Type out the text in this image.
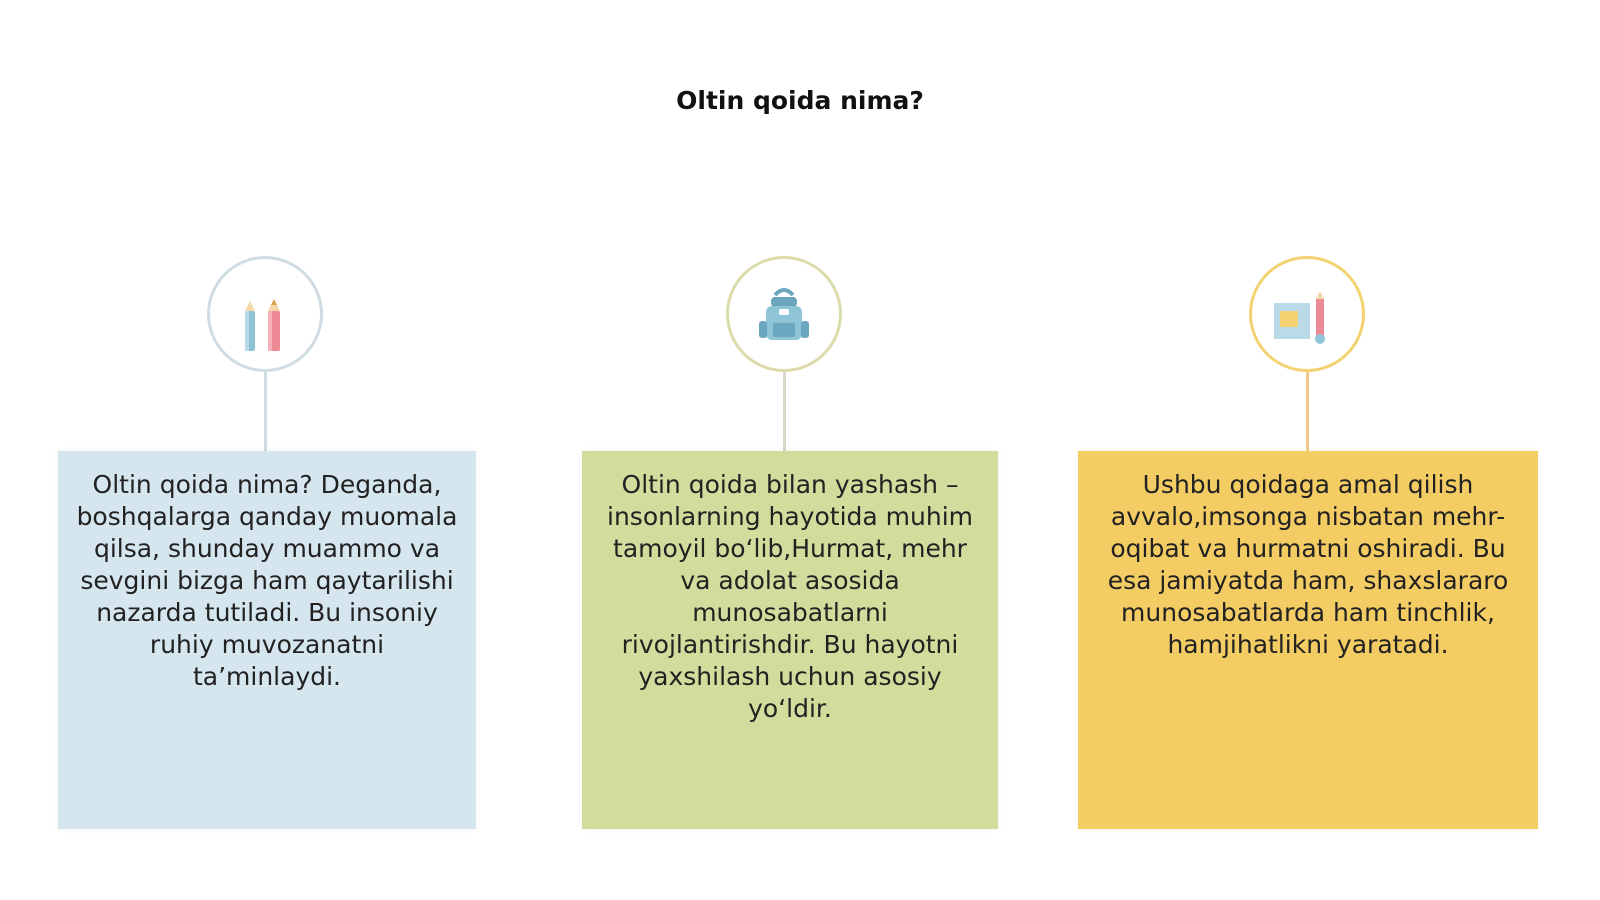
Oltin qoida nima?
Oltin qoida nima? Deganda, boshqalarga qanday muomala qilsa, shunday muammo va sevgini bizga ham qaytarilishi nazarda tutiladi. Bu insoniy ruhiy muvozanatni ta’minlaydi.
Oltin qoida bilan yashash – insonlarning hayotida muhim tamoyil bo‘lib,Hurmat, mehr va adolat asosida munosabatlarni rivojlantirishdir. Bu hayotni yaxshilash uchun asosiy yo‘ldir.
Ushbu qoidaga amal qilish avvalo,imsonga nisbatan mehr-oqibat va hurmatni oshiradi. Bu esa jamiyatda ham, shaxslararo munosabatlarda ham tinchlik, hamjihatlikni yaratadi.
